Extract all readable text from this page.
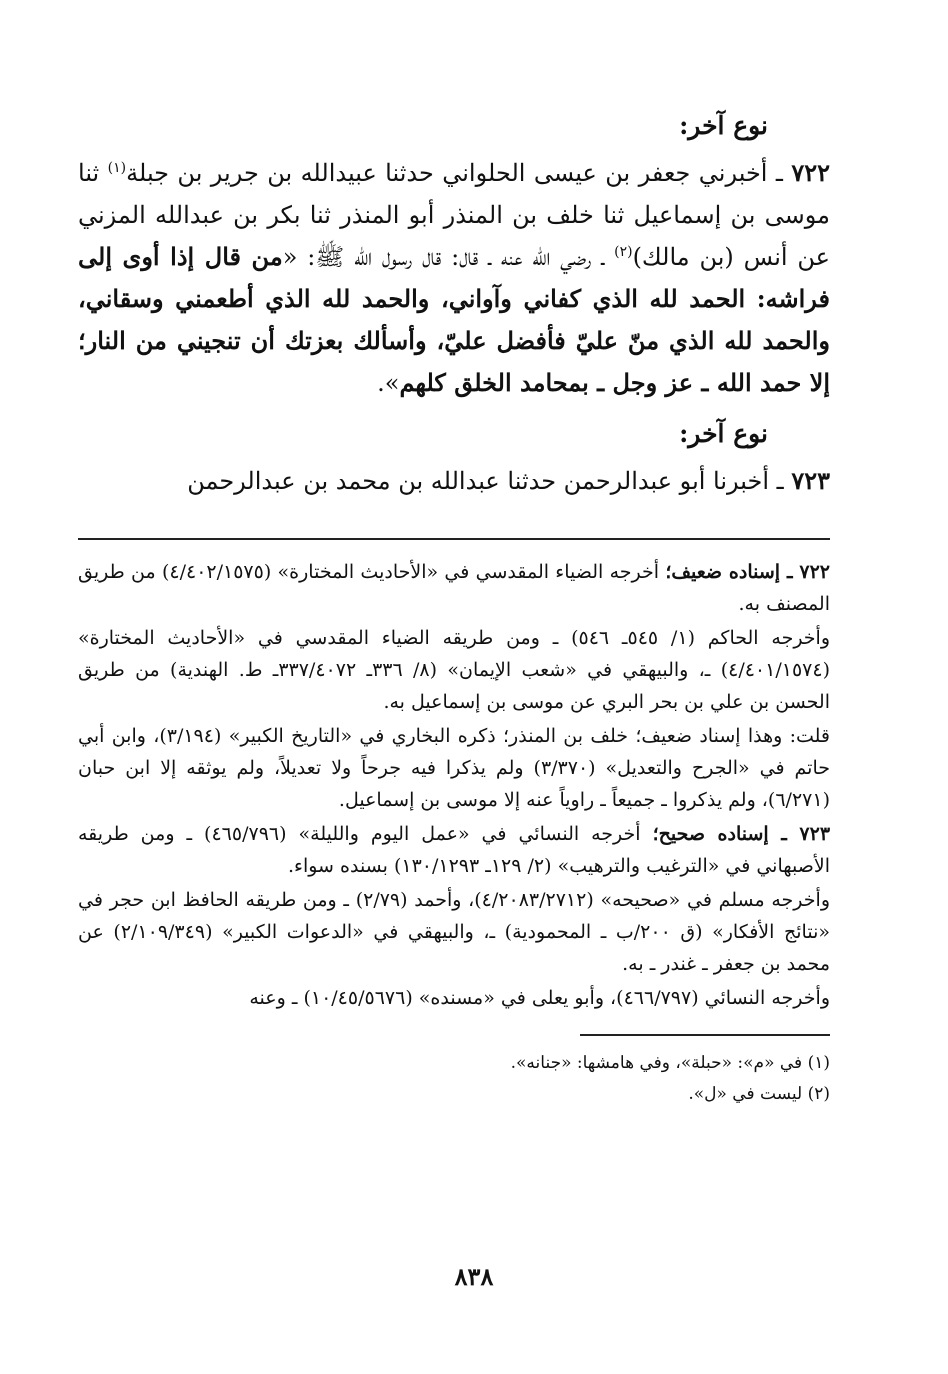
نوع آخر:

٧٢٢ ـ أخبرني جعفر بن عيسى الحلواني حدثنا عبيدالله بن جرير بن جبلة$^{(١)}$ ثنا موسى بن إسماعيل ثنا خلف بن المنذر أبو المنذر ثنا بكر بن عبدالله المزني عن أنس (بن مالك)$^{(٢)}$ ـ رضي الله عنه ـ قال: قال رسول الله ﷺ: «من قال إذا أوى إلى فراشه: الحمد لله الذي كفاني وآواني، والحمد لله الذي أطعمني وسقاني، والحمد لله الذي منّ عليّ فأفضل عليّ، وأسألك بعزتك أن تنجيني من النار؛ إلا حمد الله ـ عز وجل ـ بمحامد الخلق كلهم».

نوع آخر:

٧٢٣ ـ أخبرنا أبو عبدالرحمن حدثنا عبدالله بن محمد بن عبدالرحمن

٧٢٢ ـ إسناده ضعيف؛ أخرجه الضياء المقدسي في «الأحاديث المختارة» (٤/٤٠٢/١٥٧٥) من طريق المصنف به.

وأخرجه الحاكم (١/ ٥٤٥ـ ٥٤٦) ـ ومن طريقه الضياء المقدسي في «الأحاديث المختارة» (٤/٤٠١/١٥٧٤) ـ، والبيهقي في «شعب الإيمان» (٨/ ٣٣٦ـ ٣٣٧/٤٠٧٢ـ ط. الهندية) من طريق الحسن بن علي بن بحر البري عن موسى بن إسماعيل به.

قلت: وهذا إسناد ضعيف؛ خلف بن المنذر؛ ذكره البخاري في «التاريخ الكبير» (٣/١٩٤)، وابن أبي حاتم في «الجرح والتعديل» (٣/٣٧٠) ولم يذكرا فيه جرحاً ولا تعديلاً، ولم يوثقه إلا ابن حبان (٦/٢٧١)، ولم يذكروا ـ جميعاً ـ راوياً عنه إلا موسى بن إسماعيل.

٧٢٣ ـ إسناده صحيح؛ أخرجه النسائي في «عمل اليوم والليلة» (٤٦٥/٧٩٦) ـ ومن طريقه الأصبهاني في «الترغيب والترهيب» (٢/ ١٢٩ـ ١٣٠/١٢٩٣) بسنده سواء.

وأخرجه مسلم في «صحيحه» (٤/٢٠٨٣/٢٧١٢)، وأحمد (٢/٧٩) ـ ومن طريقه الحافظ ابن حجر في «نتائج الأفكار» (ق ٢٠٠/ب ـ المحمودية) ـ، والبيهقي في «الدعوات الكبير» (٢/١٠٩/٣٤٩) عن محمد بن جعفر ـ غندر ـ به.

وأخرجه النسائي (٤٦٦/٧٩٧)، وأبو يعلى في «مسنده» (١٠/٤٥/٥٦٧٦) ـ وعنه

(١) في «م»: «حبلة»، وفي هامشها: «جنانه».

(٢) ليست في «ل».

٨٣٨
